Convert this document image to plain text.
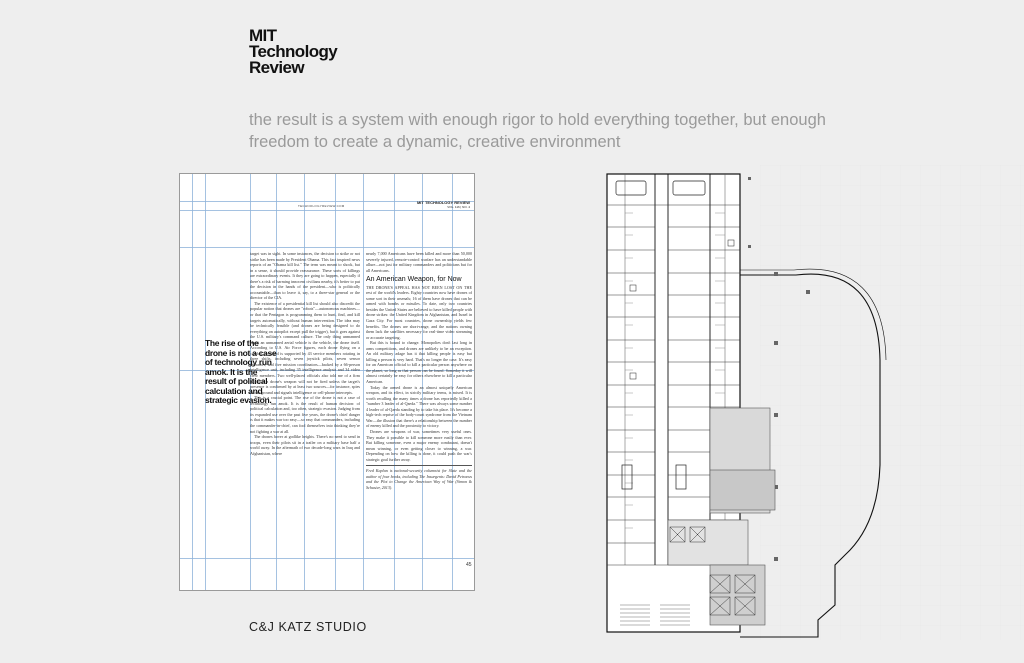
MIT
Technology
Review
the result is a system with enough rigor to hold everything together, but enough freedom to create a dynamic, creative environment
TECHNOLOGYREVIEW.COM
MIT TECHNOLOGY REVIEW
VOL. 116 | NO. 4
The rise of the drone is not a case of technology run amok. It is the result of political calculation and strategic evasion.

target was in sight. In some instances, the decision to strike or not strike has been made by President Obama. This fact inspired news reports of an "Obama kill list." The term was meant to shock, but in a sense, it should provide reassurance. These sorts of killings are extraordinary events. It they are going to happen, especially if there's a risk of harming innocent civilians nearby, it's better to put the decision in the hands of the president—who is politically accountable—than to leave it, say, to a three-star general or the director of the CIA.

The existence of a presidential kill list should also discredit the popular notion that drones are "robots"—autonomous machines—or that the Pentagon is programming them to hunt, find, and kill targets automatically, without human intervention. The idea may be technically feasible (and drones are being designed to do everything on autopilot except pull the trigger), but it goes against the U.S. military's command culture. The only thing unmanned about an unmanned aerial vehicle is the vehicle, the drone itself. According to U.S. Air Force figures, each drone flying on a combat air patrol is supported by 43 service members rotating in three shifts, including seven joystick pilots, seven sensor operators, and five mission coordinators—backed by a 66-person intelligence unit, including 35 intelligence analysts and 34 video crew members. Two well-placed officials also told me of a firm rule that a drone's weapon will not be fired unless the target's presence is confirmed by at least two sources—for instance, spies on the ground and signals intelligence or cell-phone intercepts.

This is a crucial point. The rise of the drone is not a case of technology run amok. It is the result of human decision: of political calculation and, too often, strategic evasion. Judging from its expanded use over the past five years, the drone's chief danger is that it makes war too easy—so easy that commanders, including the commander-in-chief, can fool themselves into thinking they're not fighting a war at all.

The drones hover at godlike heights. There's no need to send in troops, even their pilots sit in a trailer on a military base half a world away. In the aftermath of two decade-long wars in Iraq and Afghanistan, where

nearly 7,000 Americans have been killed and more than 50,000 severely injured, remote-control warfare has an understandable allure—not just for military commanders and politicians but for all Americans.

An American Weapon, for Now

THE DRONE'S APPEAL HAS NOT BEEN LOST ON THE rest of the world's leaders. Eighty countries now have drones of some sort in their arsenals; 16 of them have drones that can be armed with bombs or missiles. To date, only two countries besides the United States are believed to have killed people with drone strikes: the United Kingdom in Afghanistan, and Israel in Gaza City. For most countries, drone ownership yields few benefits. The drones are short-range, and the nations owning them lack the satellites necessary for real-time video streaming or accurate targeting.

But this is bound to change. Monopolies don't last long in arms competitions, and drones are unlikely to be an exception. An old military adage has it that killing people is easy but killing a person is very hard. That's no longer the case. It's easy for an American official to kill a particular person anywhere on the planet, so long as that person can be found. Someday it will almost certainly be easy for others elsewhere to kill a particular American.

Today the armed drone is an almost uniquely American weapon, and its effect, in strictly military terms, is mixed. It is worth recalling the many times a drone has reportedly killed a "number 3 leader of al-Qaeda." There was always some number 4 leader of al-Qaeda standing by to take his place. It's become a high-tech reprise of the body-count syndrome from the Vietnam War—the illusion that there's a relationship between the number of enemy killed and the proximity to victory.

Drones are weapons of war, sometimes very useful ones. They make it possible to kill someone more easily than ever. But killing someone, even a major enemy combatant, doesn't mean winning, or even getting closer to winning, a war. Depending on how the killing is done, it could push the war's strategic goal further away.

Fred Kaplan is national-security columnist for Slate and the author of four books, including The Insurgents: David Petraeus and the Plot to Change the American Way of War (Simon & Schuster, 2013).

45
C&J KATZ STUDIO
